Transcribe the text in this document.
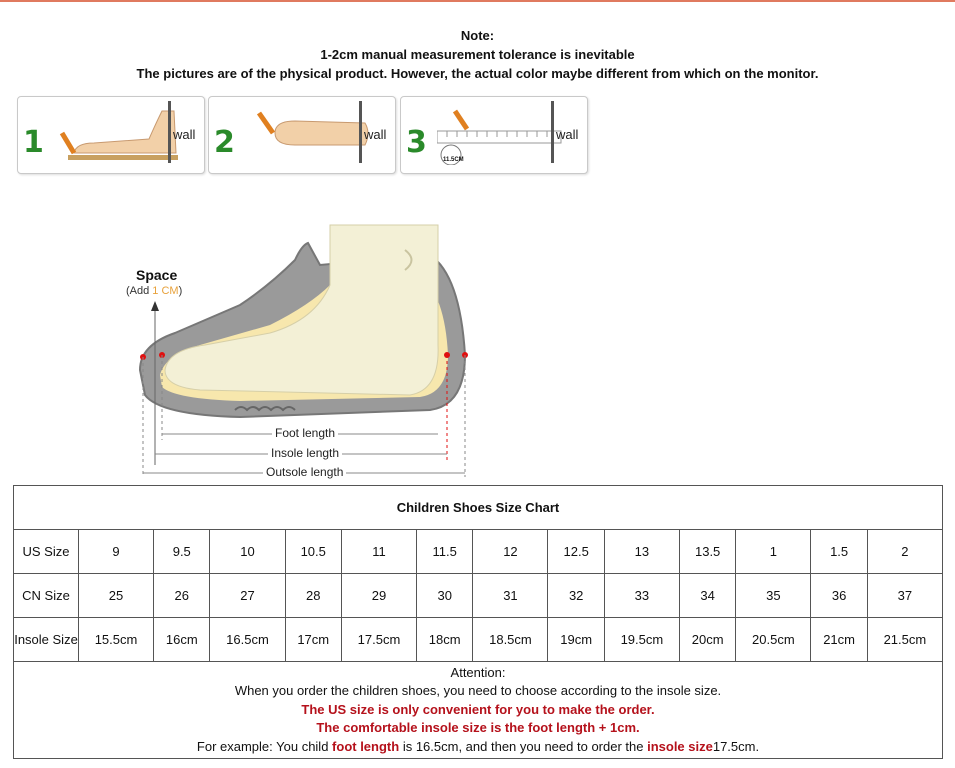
Note:
1-2cm manual measurement tolerance is inevitable
The pictures are of the physical product. However, the actual color maybe different from which on the monitor.
1	wall 2	wall 3	11.5CM
wall
Space
(Add 1 CM)
Foot length
Insole length
Outsole length
Children Shoes Size Chart													
US Size	9	9.5	10	10.5	11	11.5	12	12.5	13	13.5	1	1.5	2
CN Size	25	26	27	28	29	30	31	32	33	34	35	36	37
Insole Size	15.5cm	16cm	16.5cm	17cm	17.5cm	18cm	18.5cm	19cm	19.5cm	20cm	20.5cm	21cm	21.5cm

Attention:
When you order the children shoes, you need to choose according to the insole size.
The US size is only convenient for you to make the order.
The comfortable insole size is the foot length + 1cm.
For example: You child foot length is 16.5cm, and then you need to order the insole size17.5cm.													
